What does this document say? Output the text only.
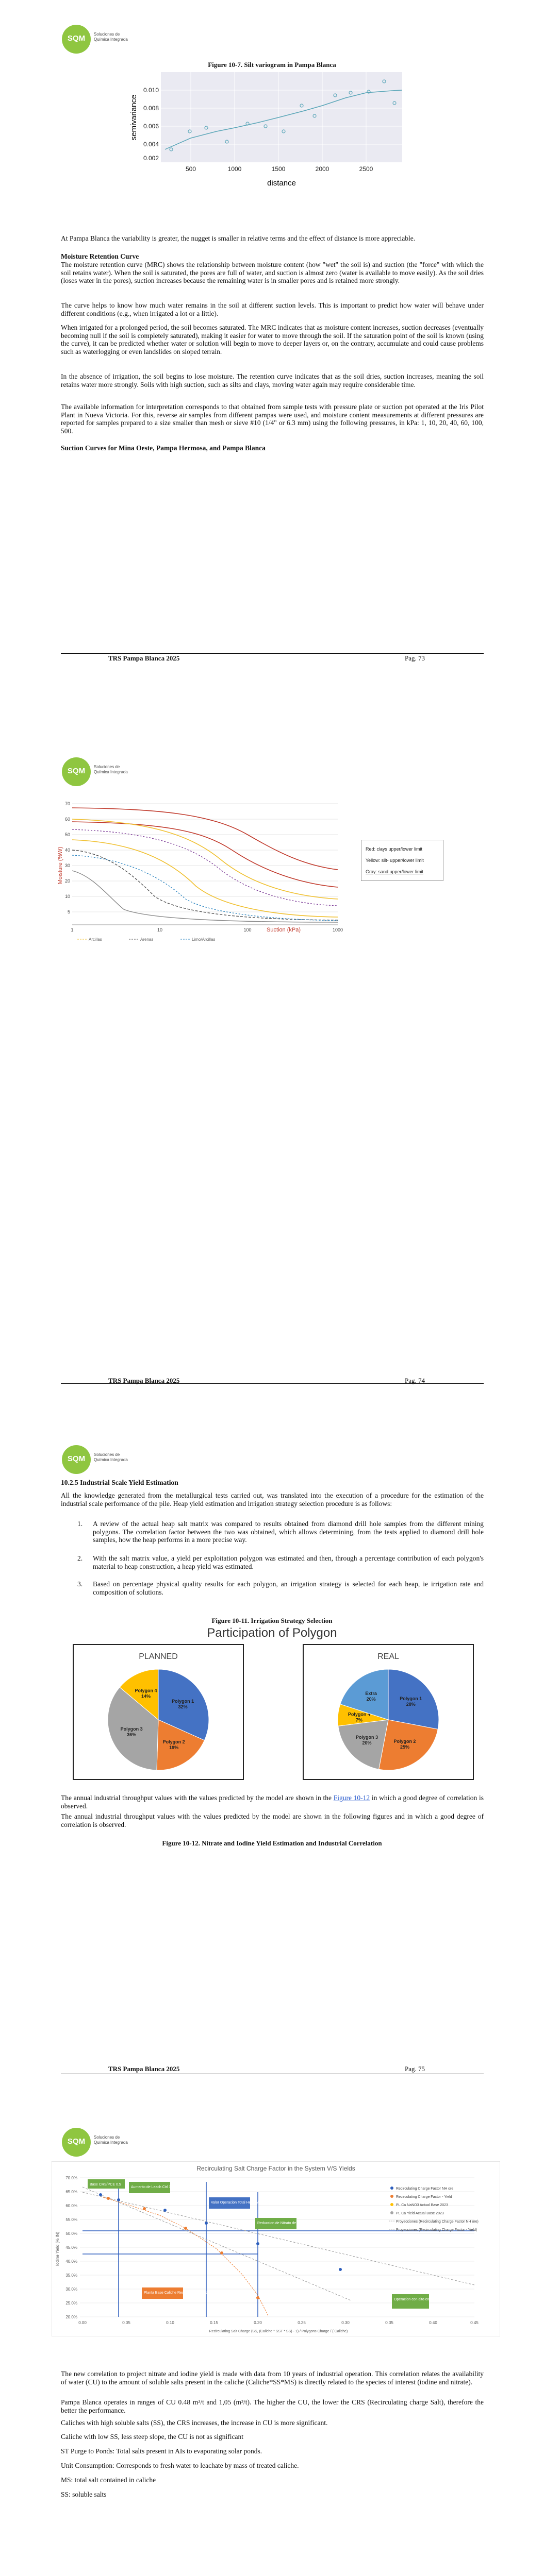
SQM	Soluciones de Química Integrada
Figure 10-7. Silt variogram in Pampa Blanca
0.010
0.008
0.006
0.004
0.002
500	1000	1500	2000	2500
distance
semivariance
At Pampa Blanca the variability is greater, the nugget is smaller in relative terms and the effect of distance is more appreciable.
Moisture Retention Curve
The moisture retention curve (MRC) shows the relationship between moisture content (how "wet" the soil is) and suction (the "force" with which the soil retains water). When the soil is saturated, the pores are full of water, and suction is almost zero (water is available to move easily). As the soil dries (loses water in the pores), suction increases because the remaining water is in smaller pores and is retained more strongly.
The curve helps to know how much water remains in the soil at different suction levels. This is important to predict how water will behave under different conditions (e.g., when irrigated a lot or a little).
When irrigated for a prolonged period, the soil becomes saturated. The MRC indicates that as moisture content increases, suction decreases (eventually becoming null if the soil is completely saturated), making it easier for water to move through the soil. If the saturation point of the soil is known (using the curve), it can be predicted whether water or solution will begin to move to deeper layers or, on the contrary, accumulate and could cause problems such as waterlogging or even landslides on sloped terrain.
In the absence of irrigation, the soil begins to lose moisture. The retention curve indicates that as the soil dries, suction increases, meaning the soil retains water more strongly. Soils with high suction, such as silts and clays, moving water again may require considerable time.
The available information for interpretation corresponds to that obtained from sample tests with pressure plate or suction pot operated at the Iris Pilot Plant in Nueva Victoria. For this, reverse air samples from different pampas were used, and moisture content measurements at different pressures are reported for samples prepared to a size smaller than mesh or sieve #10 (1/4" or 6.3 mm) using the following pressures, in kPa: 1, 10, 20, 40, 60, 100, 500.
Suction Curves for Mina Oeste, Pampa Hermosa, and Pampa Blanca
TRS Pampa Blanca 2025	Pag. 73
SQM	Soluciones de Química Integrada
70
60
50
40
30
20
10
5
1	10	100	1000
Moisture (%W)
Suction (kPa)
Arcillas	Arenas	Limo/Arcillas
Red: clays upper/lower limit
Yellow: silt- upper/lower limit
Gray: sand upper/lower limit
TRS Pampa Blanca 2025	Pag. 74
SQM	Soluciones de Química Integrada
10.2.5 Industrial Scale Yield Estimation
All the knowledge generated from the metallurgical tests carried out, was translated into the execution of a procedure for the estimation of the industrial scale performance of the pile. Heap yield estimation and irrigation strategy selection procedure is as follows:
1. A review of the actual heap salt matrix was compared to results obtained from diamond drill hole samples from the different mining polygons. The correlation factor between the two was obtained, which allows determining, from the tests applied to diamond drill hole samples, how the heap performs in a more precise way.
2. With the salt matrix value, a yield per exploitation polygon was estimated and then, through a percentage contribution of each polygon's material to heap construction, a heap yield was estimated.
3. Based on percentage physical quality results for each polygon, an irrigation strategy is selected for each heap, ie irrigation rate and composition of solutions.
Figure 10-11. Irrigation Strategy Selection
Participation of Polygon
PLANNED	REAL
Polygon 1
32%
Polygon 2
19%
Polygon 3
36%
Polygon 4
14%	Polygon 1
28%
Polygon 2
25%
Polygon 3
20%
Polygon 4
7%
Extra
20%
The annual industrial throughput values with the values predicted by the model are shown in the Figure 10-12 in which a good degree of correlation is observed.
The annual industrial throughput values with the values predicted by the model are shown in the following figures and in which a good degree of correlation is observed.
Figure 10-12. Nitrate and Iodine Yield Estimation and Industrial Correlation
TRS Pampa Blanca 2025	Pag. 75
SQM	Soluciones de Química Integrada
Recirculating Salt Charge Factor in the System V/S Yields
70.0%
65.0%
60.0%
55.0%
50.0%
45.0%
40.0%
35.0%
30.0%
25.0%
20.0%
0.00	0.05	0.10	0.15	0.20	0.25	0.30	0.35	0.40	0.45
Iodine Yield (% IN)
Recirculating Salt Charge (SS, (Caliche * SST * SS) - 1) / Polygons Charge / ( Caliche)
Base CRS/PCE 0.5
Aumento de Leach Ctrl 11.4 % Adicion ERM
Valor Operacion Total Heap Max 2023
Reduccion de Nitrato de Sodio con Material Nuevo
Planta Base Caliche Recirculacion Max 2023
Operacion con alto contenido de sales
Recirculating Charge Factor NH ore
Recirculating Charge Factor - Yield
PL Ca NaNO3 Actual Base 2023
PL Ca Yield Actual Base 2023
Proyecciones (Recirculating Charge Factor NH ore)
Proyecciones (Recirculating Charge Factor - Yield)
The new correlation to project nitrate and iodine yield is made with data from 10 years of industrial operation. This correlation relates the availability of water (CU) to the amount of soluble salts present in the caliche (Caliche*SS*MS) is directly related to the species of interest (iodine and nitrate).
Pampa Blanca operates in ranges of CU 0.48 m³/t and 1,05 (m³/t). The higher the CU, the lower the CRS (Recirculating charge Salt), therefore the better the performance.
Caliches with high soluble salts (SS), the CRS increases, the increase in CU is more significant.
Caliche with low SS, less steep slope, the CU is not as significant
ST Purge to Ponds: Total salts present in AIs to evaporating solar ponds.
Unit Consumption: Corresponds to fresh water to leachate by mass of treated caliche.
MS: total salt contained in caliche
SS: soluble salts
